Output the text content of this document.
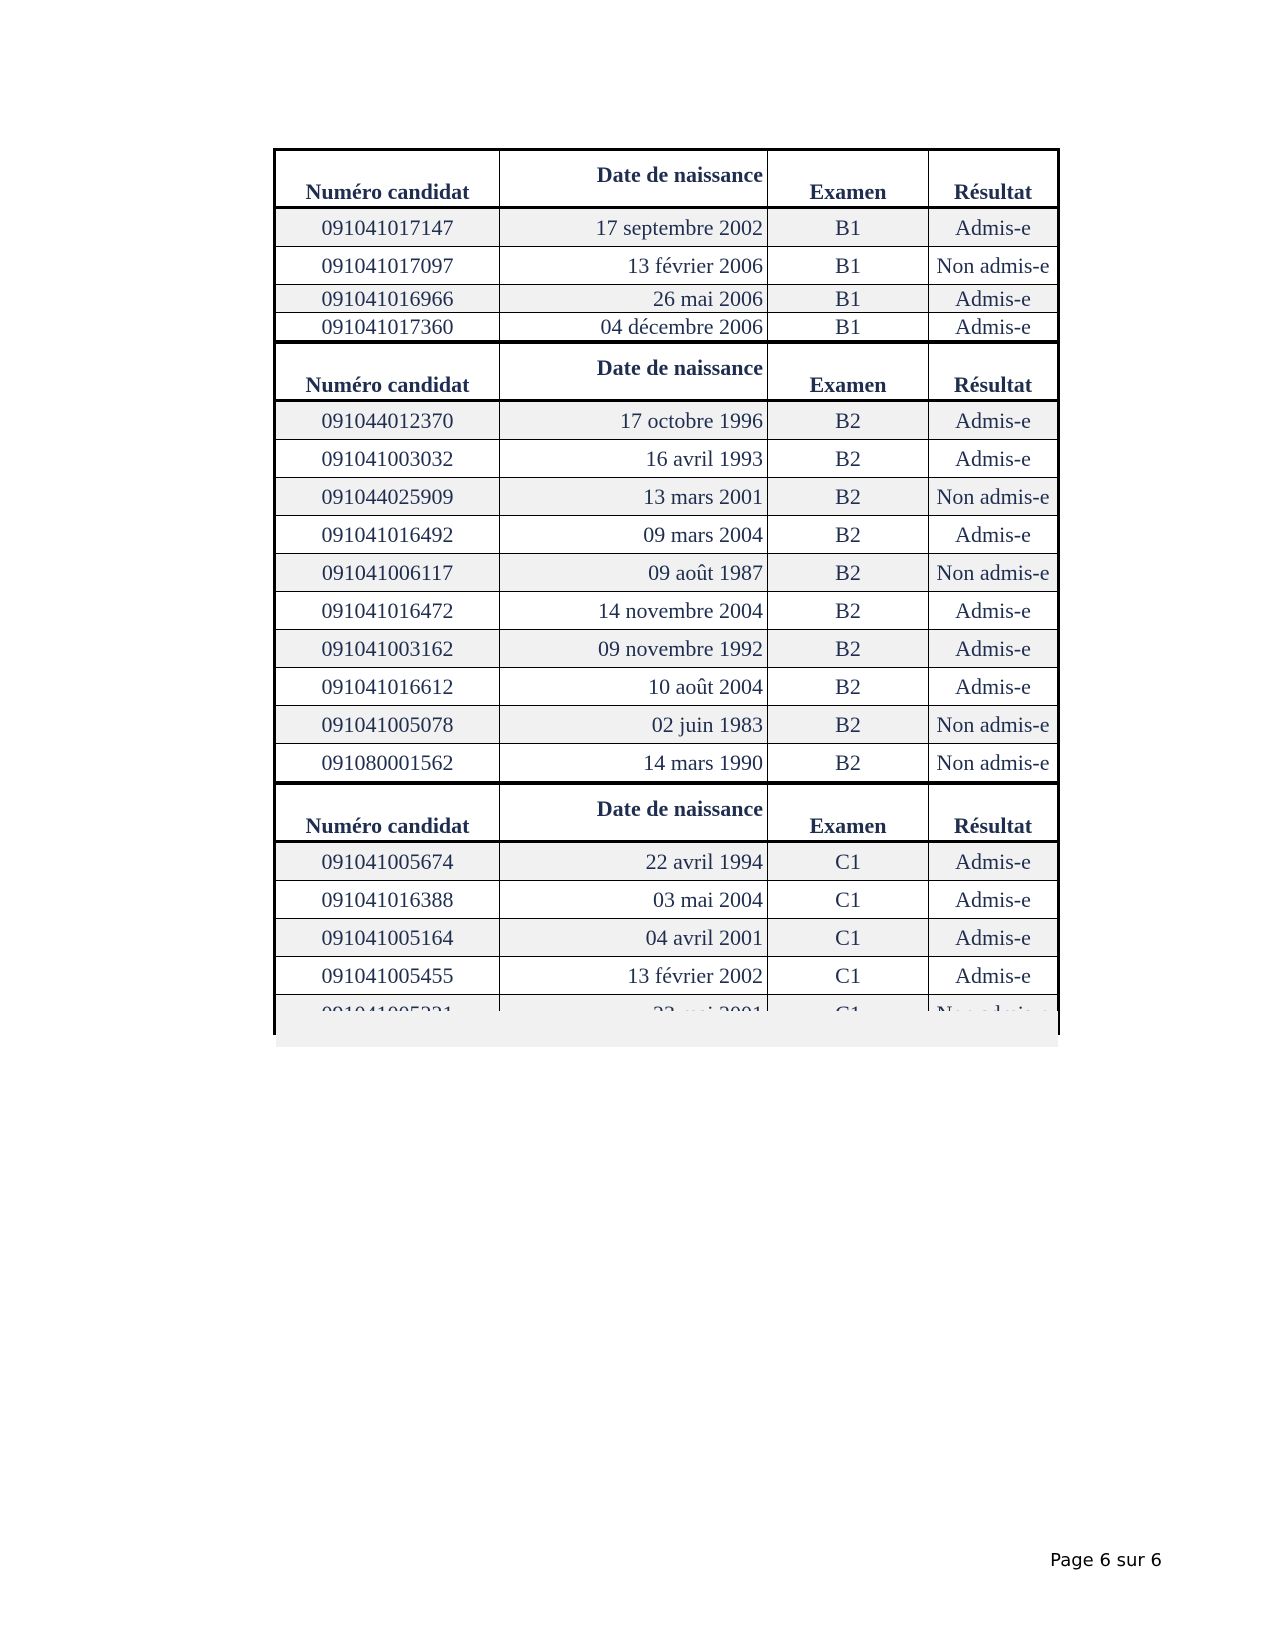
Numéro candidat	Date de naissance	Examen	Résultat
091041017147	17 septembre 2002	B1	Admis-e
091041017097	13 février 2006	B1	Non admis-e
091041016966	26 mai 2006	B1	Admis-e
091041017360	04 décembre 2006	B1	Admis-e
Numéro candidat	Date de naissance	Examen	Résultat
091044012370	17 octobre 1996	B2	Admis-e
091041003032	16 avril 1993	B2	Admis-e
091044025909	13 mars 2001	B2	Non admis-e
091041016492	09 mars 2004	B2	Admis-e
091041006117	09 août 1987	B2	Non admis-e
091041016472	14 novembre 2004	B2	Admis-e
091041003162	09 novembre 1992	B2	Admis-e
091041016612	10 août 2004	B2	Admis-e
091041005078	02 juin 1983	B2	Non admis-e
091080001562	14 mars 1990	B2	Non admis-e
Numéro candidat	Date de naissance	Examen	Résultat
091041005674	22 avril 1994	C1	Admis-e
091041016388	03 mai 2004	C1	Admis-e
091041005164	04 avril 2001	C1	Admis-e
091041005455	13 février 2002	C1	Admis-e

Page 6 sur 6
